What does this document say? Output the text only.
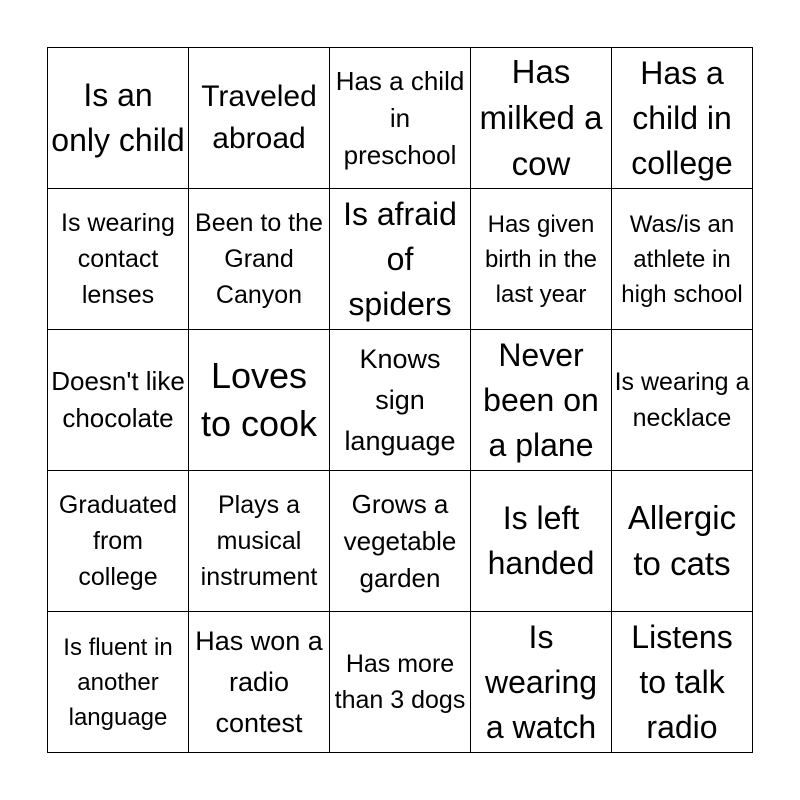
Is an only child
Traveled abroad
Has a child in preschool
Has milked a cow
Has a child in college
Is wearing contact lenses
Been to the Grand Canyon
Is afraid of spiders
Has given birth in the last year
Was/is an athlete in high school
Doesn't like chocolate
Loves to cook
Knows sign language
Never been on a plane
Is wearing a necklace
Graduated from college
Plays a musical instrument
Grows a vegetable garden
Is left handed
Allergic to cats
Is fluent in another language
Has won a radio contest
Has more than 3 dogs
Is wearing a watch
Listens to talk radio
